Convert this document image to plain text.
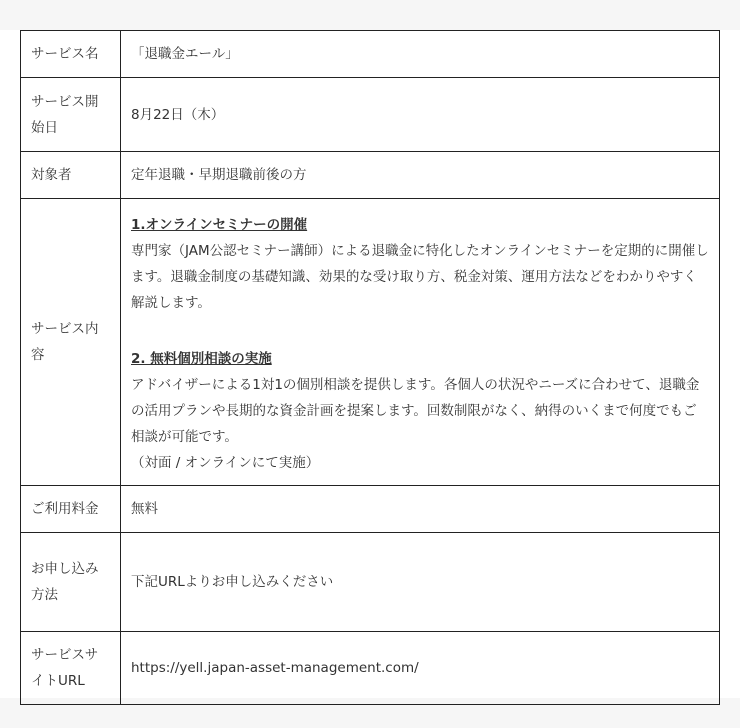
サービス名	「退職金エール」
サービス開始日	8月22日（木）
対象者	定年退職・早期退職前後の方
サービス内容	1.オンラインセミナーの開催
専門家（JAM公認セミナー講師）による退職金に特化したオンラインセミナーを定期的に開催します。退職金制度の基礎知識、効果的な受け取り方、税金対策、運用方法などをわかりやすく解説します。
2. 無料個別相談の実施
アドバイザーによる1対1の個別相談を提供します。各個人の状況やニーズに合わせて、退職金の活用プランや長期的な資金計画を提案します。回数制限がなく、納得のいくまで何度でもご相談が可能です。
（対面 / オンラインにて実施）

ご利用料金	無料
お申し込み方法	下記URLよりお申し込みください
サービスサイトURL	https://yell.japan-asset-management.com/
